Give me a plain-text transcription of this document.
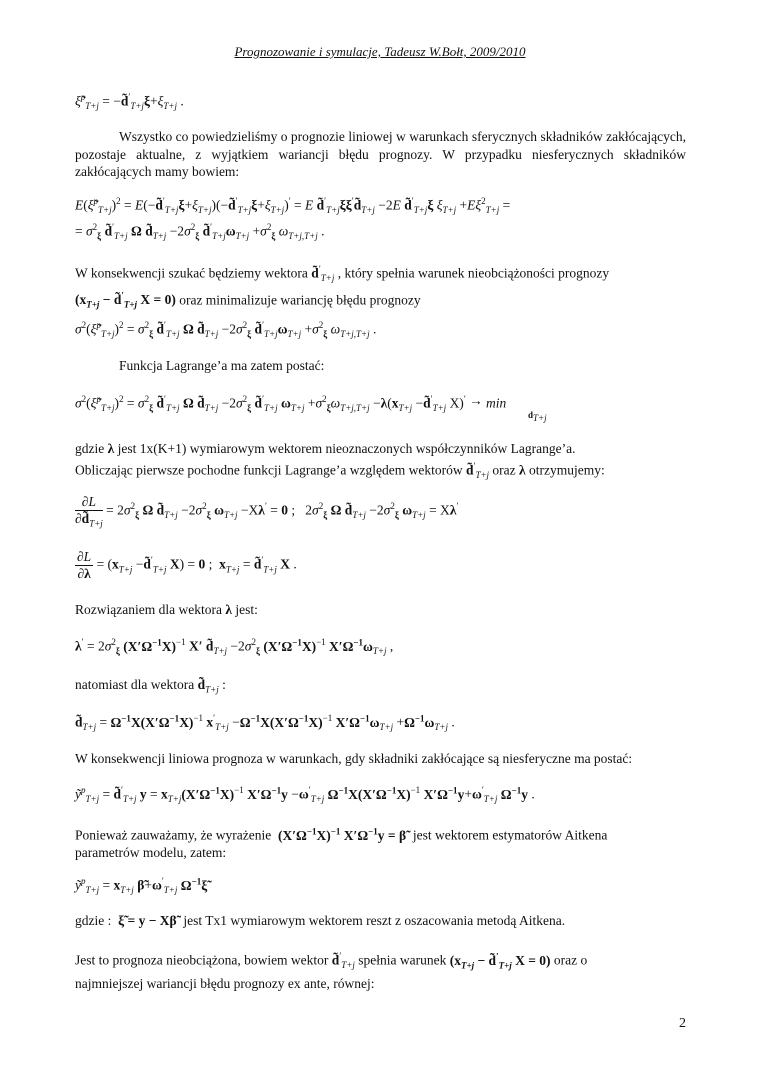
Prognozowanie i symulacje, Tadeusz W.Bołt, 2009/2010
ξ̃$^p_{T+j}$ = $-d̃'_{T+j}\xi+\xi_{T+j}$ .
Wszystko co powiedzieliśmy o prognozie liniowej w warunkach sferycznych składników zakłócających, pozostaje aktualne, z wyjątkiem wariancji błędu prognozy. W przypadku niesferycznych składników zakłócających mamy bowiem:
E(ξ̃$^p_{T+j}$)$^2$ = $E(-d̃'_{T+j}\xi+\xi_{T+j})(-d̃'_{T+j}\xi+\xi_{T+j})' = E$ $d̃'_{T+j}\xi\xi'd̃_{T+j} -2E$ $d̃'_{T+j}\xi$ $\xi_{T+j} +E\xi^2_{T+j}$ =
= $\sigma^2_\xi$ $d̃'_{T+j}$ Ω $d̃_{T+j} -2\sigma^2_\xi$ $d̃'_{T+j}\omega_{T+j} +\sigma^2_\xi$ $\omega_{T+j,T+j}$ .
W konsekwencji szukać będziemy wektora $d̃'_{T+j}$ , który spełnia warunek nieobciążoności prognozy
($x_{T+j}$ − $d̃'_{T+j}$ X = 0) oraz minimalizuje wariancję błędu prognozy
$\sigma^2(\xĩ^p_{T+j})^2 = \sigma^2_\xi$ $d̃'_{T+j}$ Ω $d̃_{T+j} -2\sigma^2_\xi$ $d̃'_{T+j}\omega_{T+j} +\sigma^2_\xi$ $\omega_{T+j,T+j}$ .
Funkcja Lagrange’a ma zatem postać:
$\sigma^2(\xĩ^p_{T+j})^2 = \sigma^2_\xi$ $d̃'_{T+j}$ Ω $d̃_{T+j} -2\sigma^2_\xi$ $d̃'_{T+j}$ $\omega_{T+j} +\sigma^2_\xi\omega_{T+j,T+j} -\lambda(x_{T+j}$ $-d̃'_{T+j}$ X)′ → min
$d_{T+j}$
gdzie λ jest 1x(K+1) wymiarowym wektorem nieoznaczonych współczynników Lagrange’a.
Obliczając pierwsze pochodne funkcji Lagrange’a względem wektorów $d̃'_{T+j}$ oraz λ otrzymujemy:
$\frac{\partial L}{\partial d̃_{T+j}} = 2\sigma^2_\xi$ Ω $d̃_{T+j} -2\sigma^2_\xi$ $\omega_{T+j} -X\lambda' = 0$ ;   $2\sigma^2_\xi$ Ω $d̃_{T+j} -2\sigma^2_\xi$ $\omega_{T+j} = X\lambda'$
$\frac{\partial L}{\partial\lambda} = (x_{T+j}$ $-d̃'_{T+j}$ X) = 0 ;  $x_{T+j}$ = $d̃'_{T+j}$ X .
Rozwiązaniem dla wektora λ jest:
$\lambda' = 2\sigma^2_\xi$ $(X'\Omega^{-1}X)^{-1}$ X′ $d̃_{T+j} -2\sigma^2_\xi$ $(X'\Omega^{-1}X)^{-1}$ $X'\Omega^{-1}\omega_{T+j}$ ,
natomiast dla wektora $d̃_{T+j}$ :
$d̃_{T+j} = \Omega^{-1}X(X'\Omega^{-1}X)^{-1}$ $x'_{T+j} -\Omega^{-1}X(X'\Omega^{-1}X)^{-1}$ $X'\Omega^{-1}\omega_{T+j} +\Omega^{-1}\omega_{T+j}$ .
W konsekwencji liniowa prognoza w warunkach, gdy składniki zakłócające są niesferyczne ma postać:
ỹ$^p_{T+j}$ = $d̃'_{T+j}$ $y = x_{T+j}(X'\Omega^{-1}X)^{-1}$ $X'\Omega^{-1}y -\omega'_{T+j}$ $\Omega^{-1}X(X'\Omega^{-1}X)^{-1}$ $X'\Omega^{-1}y+\omega'_{T+j}$ $\Omega^{-1}y$ .
Ponieważ zauważamy, że wyrażenie $(X'\Omega^{-1}X)^{-1}$ $X'\Omega^{-1}y$ = β̃ jest wektorem estymatorów Aitkena
parametrów modelu, zatem:
ỹ$^p_{T+j}$ = $x_{T+j}$ $\betã+\omega'_{T+j}$ $\Omega^{-1}\xĩ$
gdzie : ξ̃ = y − Xβ̃ jest Tx1 wymiarowym wektorem reszt z oszacowania metodą Aitkena.
Jest to prognoza nieobciążona, bowiem wektor $d̃'_{T+j}$ spełnia warunek ($x_{T+j}$ − $d̃'_{T+j}$ X = 0) oraz o
najmniejszej wariancji błędu prognozy ex ante, równej:
2
